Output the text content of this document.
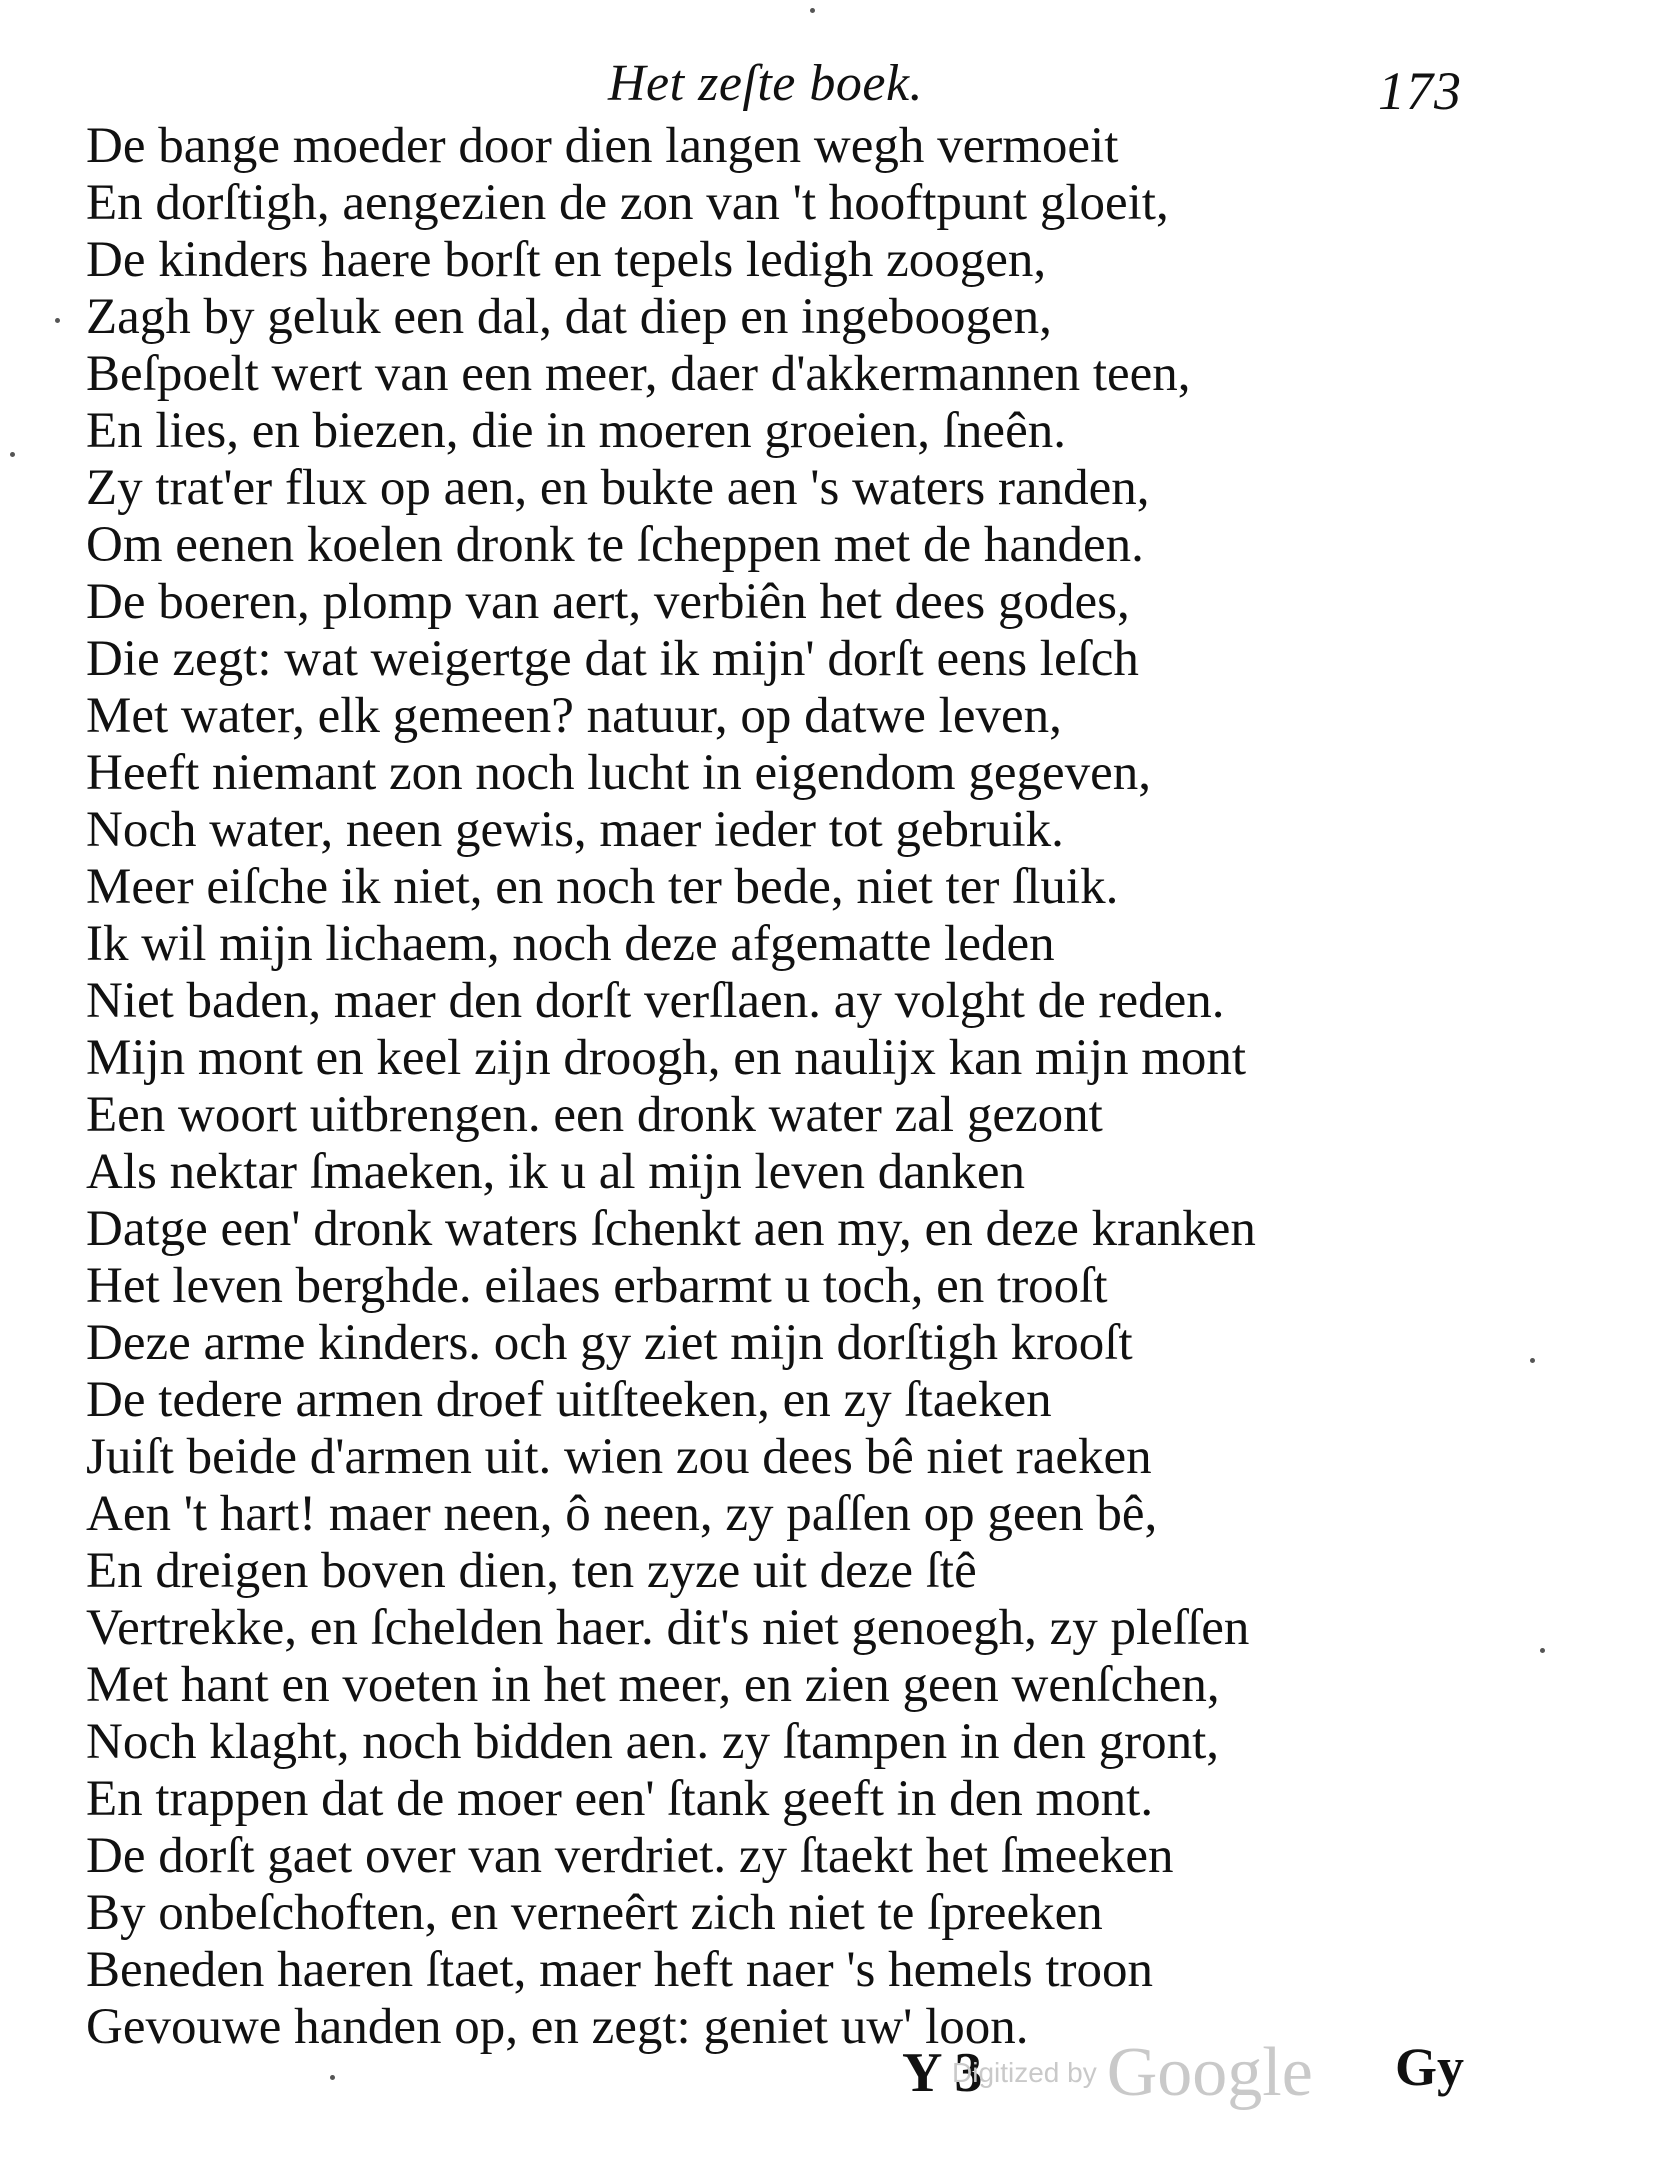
Het zeſte boek.	173
De bange moeder door dien langen wegh vermoeit
En dorſtigh, aengezien de zon van 't hooftpunt gloeit,
De kinders haere borſt en tepels ledigh zoogen,
Zagh by geluk een dal, dat diep en ingeboogen,
Beſpoelt wert van een meer, daer d'akkermannen teen,
En lies, en biezen, die in moeren groeien, ſneên.
Zy trat'er flux op aen, en bukte aen 's waters randen,
Om eenen koelen dronk te ſcheppen met de handen.
De boeren, plomp van aert, verbiên het dees godes,
Die zegt: wat weigertge dat ik mijn' dorſt eens leſch
Met water, elk gemeen? natuur, op datwe leven,
Heeft niemant zon noch lucht in eigendom gegeven,
Noch water, neen gewis, maer ieder tot gebruik.
Meer eiſche ik niet, en noch ter bede, niet ter ſluik.
Ik wil mijn lichaem, noch deze afgematte leden
Niet baden, maer den dorſt verſlaen. ay volght de reden.
Mijn mont en keel zijn droogh, en naulijx kan mijn mont
Een woort uitbrengen. een dronk water zal gezont
Als nektar ſmaeken, ik u al mijn leven danken
Datge een' dronk waters ſchenkt aen my, en deze kranken
Het leven berghde. eilaes erbarmt u toch, en trooſt
Deze arme kinders. och gy ziet mijn dorſtigh krooſt
De tedere armen droef uitſteeken, en zy ſtaeken
Juiſt beide d'armen uit. wien zou dees bê niet raeken
Aen 't hart! maer neen, ô neen, zy paſſen op geen bê,
En dreigen boven dien, ten zyze uit deze ſtê
Vertrekke, en ſchelden haer. dit's niet genoegh, zy pleſſen
Met hant en voeten in het meer, en zien geen wenſchen,
Noch klaght, noch bidden aen. zy ſtampen in den gront,
En trappen dat de moer een' ſtank geeft in den mont.
De dorſt gaet over van verdriet. zy ſtaekt het ſmeeken
By onbeſchoften, en verneêrt zich niet te ſpreeken
Beneden haeren ſtaet, maer heft naer 's hemels troon
Gevouwe handen op, en zegt: geniet uw' loon.
Y 3
Digitized by Google Gy
